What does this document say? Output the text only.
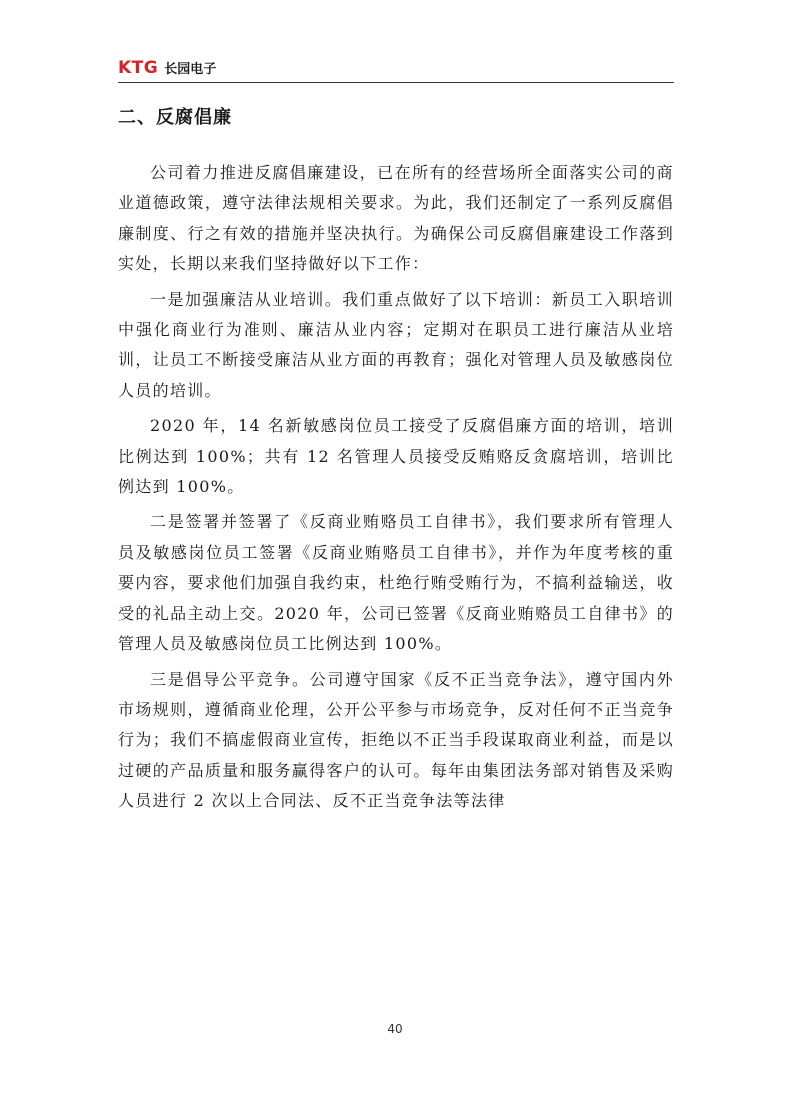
KTG 长园电子
二、反腐倡廉

公司着力推进反腐倡廉建设，已在所有的经营场所全面落实公司的商业道德政策，遵守法律法规相关要求。为此，我们还制定了一系列反腐倡廉制度、行之有效的措施并坚决执行。为确保公司反腐倡廉建设工作落到实处，长期以来我们坚持做好以下工作：

一是加强廉洁从业培训。我们重点做好了以下培训：新员工入职培训中强化商业行为准则、廉洁从业内容；定期对在职员工进行廉洁从业培训，让员工不断接受廉洁从业方面的再教育；强化对管理人员及敏感岗位人员的培训。

2020 年，14 名新敏感岗位员工接受了反腐倡廉方面的培训，培训比例达到 100%；共有 12 名管理人员接受反贿赂反贪腐培训，培训比例达到 100%。

二是签署并签署了《反商业贿赂员工自律书》，我们要求所有管理人员及敏感岗位员工签署《反商业贿赂员工自律书》，并作为年度考核的重要内容，要求他们加强自我约束，杜绝行贿受贿行为，不搞利益输送，收受的礼品主动上交。2020 年，公司已签署《反商业贿赂员工自律书》的管理人员及敏感岗位员工比例达到 100%。

三是倡导公平竞争。公司遵守国家《反不正当竞争法》，遵守国内外市场规则，遵循商业伦理，公开公平参与市场竞争，反对任何不正当竞争行为；我们不搞虚假商业宣传，拒绝以不正当手段谋取商业利益，而是以过硬的产品质量和服务赢得客户的认可。每年由集团法务部对销售及采购人员进行 2 次以上合同法、反不正当竞争法等法律

40
